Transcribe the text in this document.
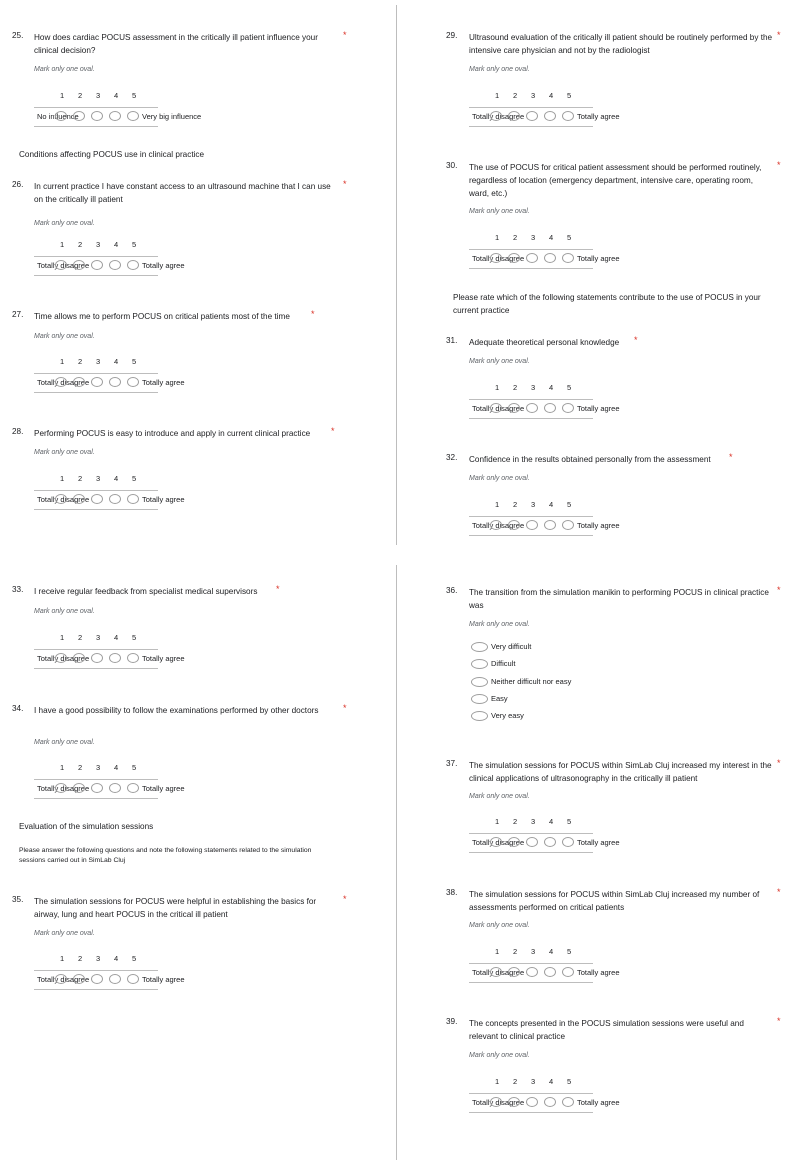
Conditions affecting POCUS use in clinical practice
Please rate which of the following statements contribute to the use of POCUS in your current practice
Evaluation of the simulation sessions
Please answer the following questions and note the following statements related to the simulation sessions carried out in SimLab Cluj
25. How does cardiac POCUS assessment in the critically ill patient influence your clinical decision?
*
Mark only one oval.
1 2 3 4 5
No influence	Very big influence
26. In current practice I have constant access to an ultrasound machine that I can use on the critically ill patient
*
Mark only one oval.
1 2 3 4 5
Totally disagree	Totally agree
27. Time allows me to perform POCUS on critical patients most of the time	*
Mark only one oval.
1 2 3 4 5
Totally disagree	Totally agree
28. Performing POCUS is easy to introduce and apply in current clinical practice	*
Mark only one oval.
1 2 3 4 5
Totally disagree	Totally agree
29. Ultrasound evaluation of the critically ill patient should be routinely performed by the intensive care physician and not by the radiologist
*
Mark only one oval.
1 2 3 4 5
Totally disagree	Totally agree
30. The use of POCUS for critical patient assessment should be performed routinely, regardless of location (emergency department, intensive care, operating room, ward, etc.)
*
Mark only one oval.
1 2 3 4 5
Totally disagree	Totally agree
31. Adequate theoretical personal knowledge	*
Mark only one oval.
1 2 3 4 5
Totally disagree	Totally agree
32. Confidence in the results obtained personally from the assessment	*
Mark only one oval.
1 2 3 4 5
Totally disagree	Totally agree
33. I receive regular feedback from specialist medical supervisors	*
Mark only one oval.
1 2 3 4 5
Totally disagree	Totally agree
34. I have a good possibility to follow the examinations performed by other doctors	*
Mark only one oval.
1 2 3 4 5
Totally disagree	Totally agree
35. The simulation sessions for POCUS were helpful in establishing the basics for airway, lung and heart POCUS in the critical ill patient
*
Mark only one oval.
1 2 3 4 5
Totally disagree	Totally agree
36. The transition from the simulation manikin to performing POCUS in clinical practice was
*
Mark only one oval.
Very difficult
Difficult
Neither difficult nor easy
Easy
Very easy
37. The simulation sessions for POCUS within SimLab Cluj increased my interest in the clinical applications of ultrasonography in the critically ill patient
*
Mark only one oval.
1 2 3 4 5
Totally disagree	Totally agree
38. The simulation sessions for POCUS within SimLab Cluj increased my number of assessments performed on critical patients
*
Mark only one oval.
1 2 3 4 5
Totally disagree	Totally agree
39. The concepts presented in the POCUS simulation sessions were useful and relevant to clinical practice
*
Mark only one oval.
1 2 3 4 5
Totally disagree	Totally agree
